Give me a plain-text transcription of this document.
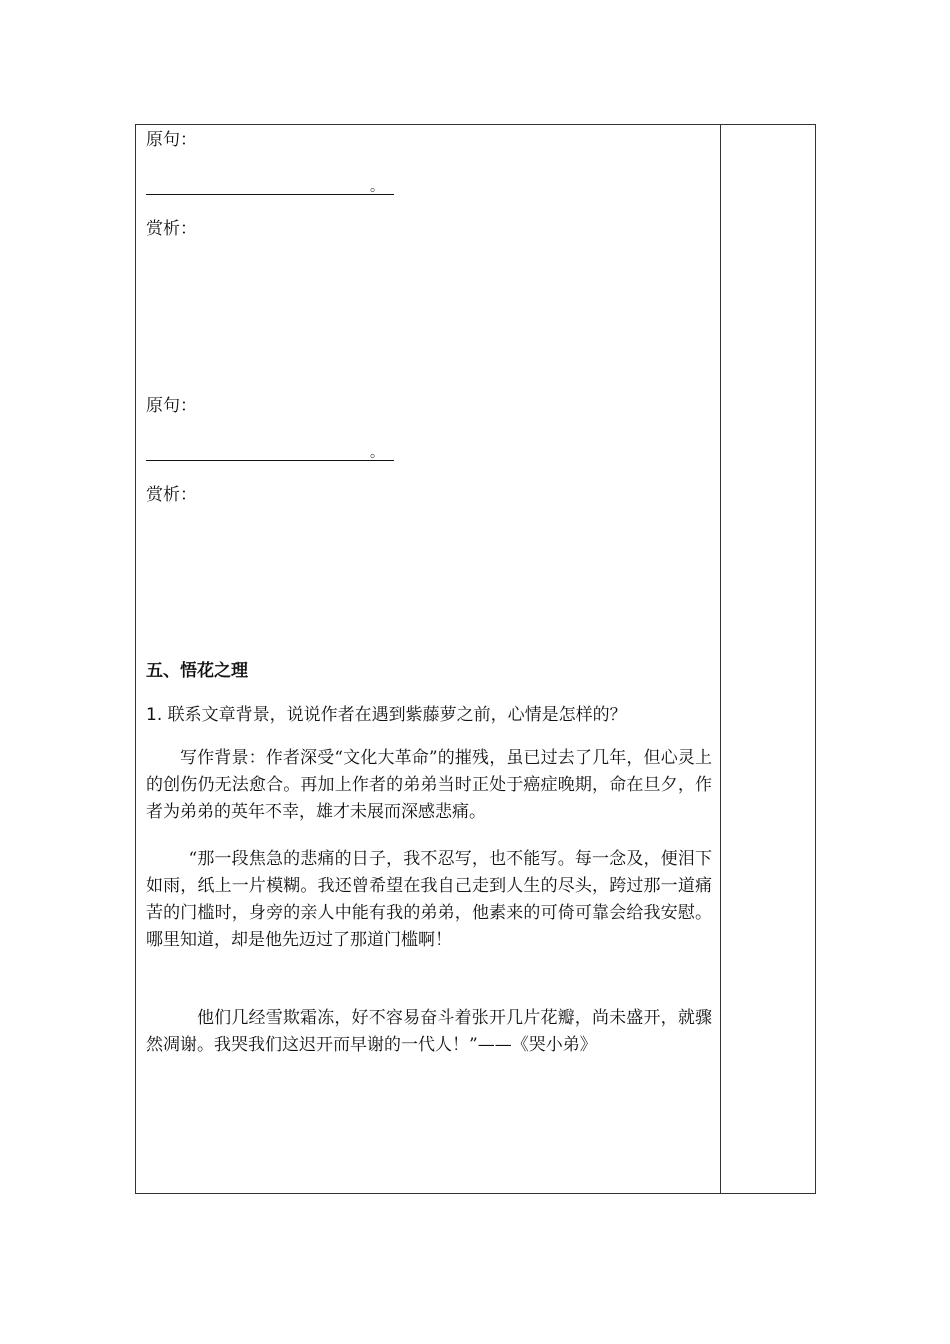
原句：
。
赏析：
原句：
。
赏析：
五、悟花之理
1. 联系文章背景，说说作者在遇到紫藤萝之前，心情是怎样的？
写作背景：作者深受“文化大革命”的摧残，虽已过去了几年，但心灵上的创伤仍无法愈合。再加上作者的弟弟当时正处于癌症晚期，命在旦夕，作者为弟弟的英年不幸，雄才未展而深感悲痛。
“那一段焦急的悲痛的日子，我不忍写，也不能写。每一念及，便泪下如雨，纸上一片模糊。我还曾希望在我自己走到人生的尽头，跨过那一道痛苦的门槛时，身旁的亲人中能有我的弟弟，他素来的可倚可靠会给我安慰。哪里知道，却是他先迈过了那道门槛啊！
他们几经雪欺霜冻，好不容易奋斗着张开几片花瓣，尚未盛开，就骤然凋谢。我哭我们这迟开而早谢的一代人！”——《哭小弟》
